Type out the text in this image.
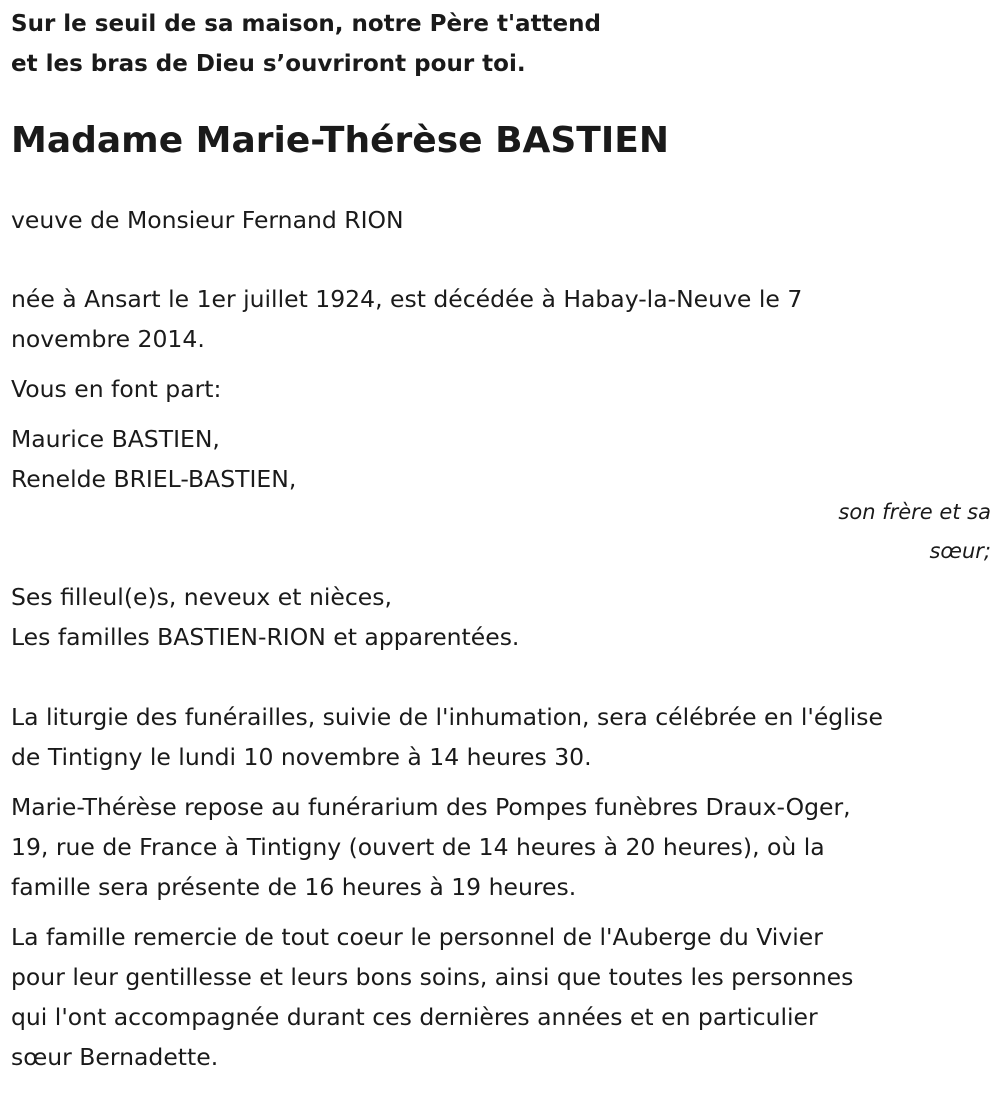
Sur le seuil de sa maison, notre Père t'attend
et les bras de Dieu s’ouvriront pour toi.
Madame Marie-Thérèse BASTIEN

veuve de Monsieur Fernand RION

née à Ansart le 1er juillet 1924, est décédée à Habay-la-Neuve le 7
novembre 2014.

Vous en font part:

Maurice BASTIEN,
Renelde BRIEL-BASTIEN,

son frère et sa
sœur;

Ses filleul(e)s, neveux et nièces,
Les familles BASTIEN-RION et apparentées.

La liturgie des funérailles, suivie de l'inhumation, sera célébrée en l'église
de Tintigny le lundi 10 novembre à 14 heures 30.

Marie-Thérèse repose au funérarium des Pompes funèbres Draux-Oger,
19, rue de France à Tintigny (ouvert de 14 heures à 20 heures), où la
famille sera présente de 16 heures à 19 heures.

La famille remercie de tout coeur le personnel de l'Auberge du Vivier
pour leur gentillesse et leurs bons soins, ainsi que toutes les personnes
qui l'ont accompagnée durant ces dernières années et en particulier
sœur Bernadette.
